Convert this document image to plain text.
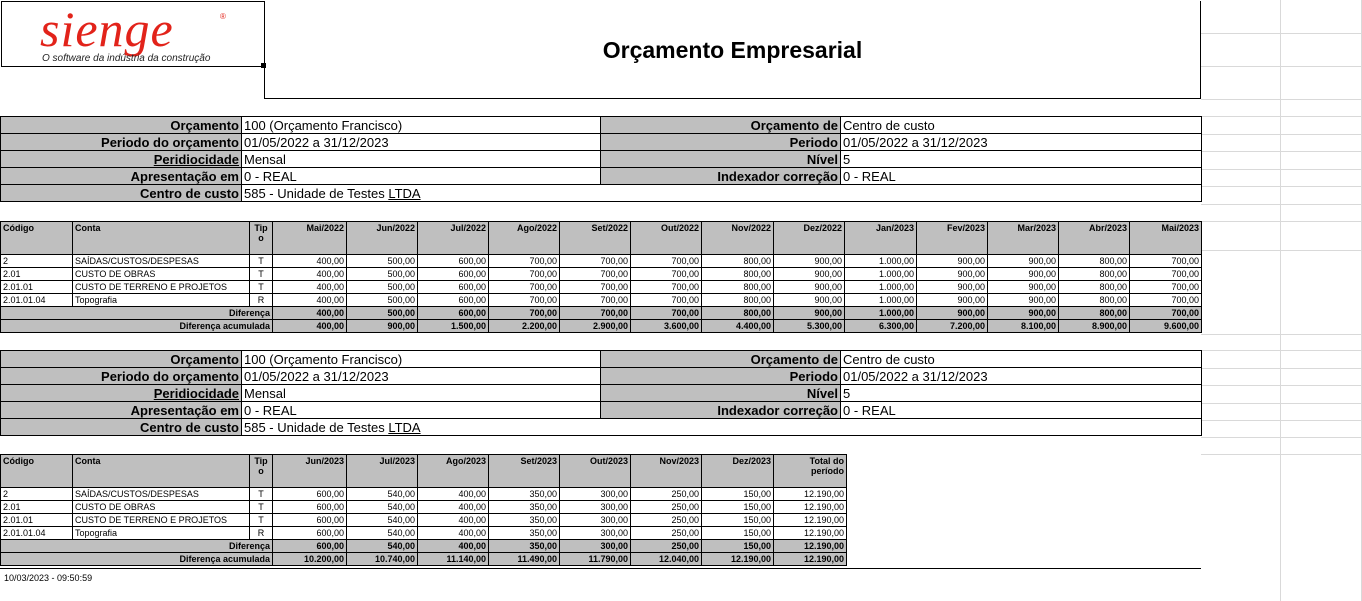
sienge	®
O software da indústria da construção	Orçamento Empresarial
Orçamento	100 (Orçamento Francisco)	Orçamento de	Centro de custo
Periodo do orçamento	01/05/2022 a 31/12/2023	Periodo	01/05/2022 a 31/12/2023
Peridiocidade	Mensal	Nível	5
Apresentação em	0 - REAL	Indexador correção	0 - REAL
Centro de custo	585 - Unidade de Testes LTDA		
Código	Conta	Tip o	Mai/2022	Jun/2022	Jul/2022	Ago/2022	Set/2022	Out/2022	Nov/2022	Dez/2022	Jan/2023	Fev/2023	Mar/2023	Abr/2023	Mai/2023
2	SAÍDAS/CUSTOS/DESPESAS	T	400,00	500,00	600,00	700,00	700,00	700,00	800,00	900,00	1.000,00	900,00	900,00	800,00	700,00
2.01	CUSTO DE OBRAS	T	400,00	500,00	600,00	700,00	700,00	700,00	800,00	900,00	1.000,00	900,00	900,00	800,00	700,00
2.01.01	CUSTO DE TERRENO E PROJETOS	T	400,00	500,00	600,00	700,00	700,00	700,00	800,00	900,00	1.000,00	900,00	900,00	800,00	700,00
2.01.01.04	Topografia	R	400,00	500,00	600,00	700,00	700,00	700,00	800,00	900,00	1.000,00	900,00	900,00	800,00	700,00
Diferença			400,00	500,00	600,00	700,00	700,00	700,00	800,00	900,00	1.000,00	900,00	900,00	800,00	700,00
Diferença acumulada			400,00	900,00	1.500,00	2.200,00	2.900,00	3.600,00	4.400,00	5.300,00	6.300,00	7.200,00	8.100,00	8.900,00	9.600,00
Orçamento	100 (Orçamento Francisco)	Orçamento de	Centro de custo
Periodo do orçamento	01/05/2022 a 31/12/2023	Periodo	01/05/2022 a 31/12/2023
Peridiocidade	Mensal	Nível	5
Apresentação em	0 - REAL	Indexador correção	0 - REAL
Centro de custo	585 - Unidade de Testes LTDA		
Código	Conta	Tip o	Jun/2023	Jul/2023	Ago/2023	Set/2023	Out/2023	Nov/2023	Dez/2023	Total do período
2	SAÍDAS/CUSTOS/DESPESAS	T	600,00	540,00	400,00	350,00	300,00	250,00	150,00	12.190,00
2.01	CUSTO DE OBRAS	T	600,00	540,00	400,00	350,00	300,00	250,00	150,00	12.190,00
2.01.01	CUSTO DE TERRENO E PROJETOS	T	600,00	540,00	400,00	350,00	300,00	250,00	150,00	12.190,00
2.01.01.04	Topografia	R	600,00	540,00	400,00	350,00	300,00	250,00	150,00	12.190,00
Diferença			600,00	540,00	400,00	350,00	300,00	250,00	150,00	12.190,00
Diferença acumulada			10.200,00	10.740,00	11.140,00	11.490,00	11.790,00	12.040,00	12.190,00	12.190,00
10/03/2023 - 09:50:59
